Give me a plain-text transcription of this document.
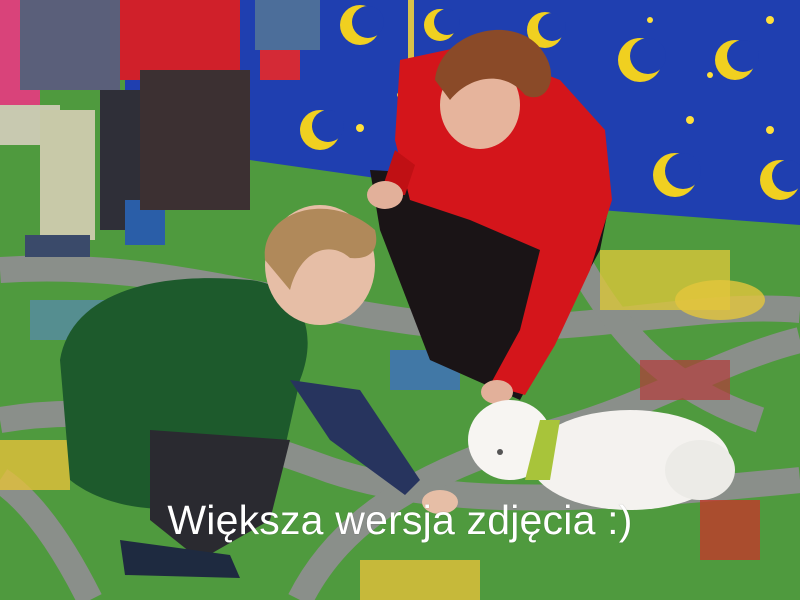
Większa wersja zdjęcia :)
